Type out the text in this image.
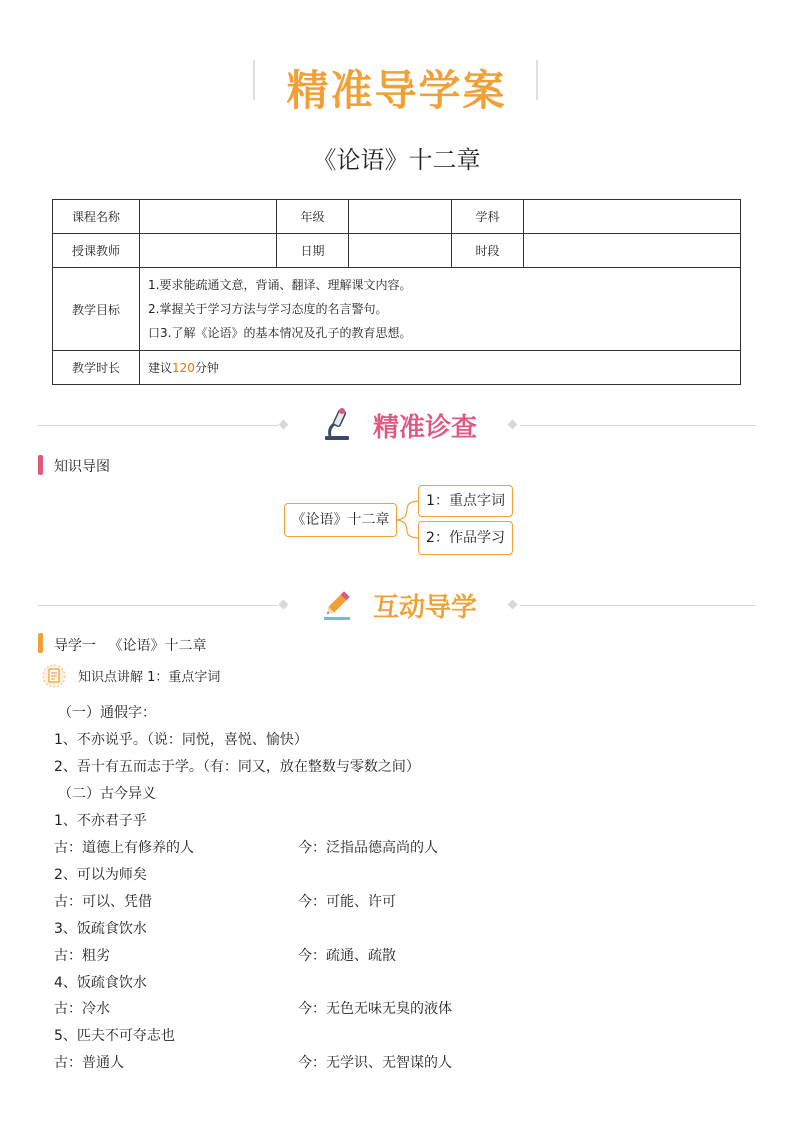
精准导学案
《论语》十二章
课程名称		年级		学科	
授课教师		日期		时段	
教学目标	1.要求能疏通文意，背诵、翻译、理解课文内容。
2.掌握关于学习方法与学习态度的名言警句。
口3.了解《论语》的基本情况及孔子的教育思想。				

教学时长	建议120分钟				
精准诊查
知识导图
《论语》十二章
1：重点字词
2：作品学习
互动导学
导学一 《论语》十二章
知识点讲解 1：重点字词
（一）通假字：
1、不亦说乎。（说：同悦，喜悦、愉快）
2、吾十有五而志于学。（有：同又，放在整数与零数之间）
（二）古今异义
1、不亦君子乎
古：道德上有修养的人	今：泛指品德高尚的人
2、可以为师矣
古：可以、凭借	今：可能、许可
3、饭疏食饮水
古：粗劣	今：疏通、疏散
4、饭疏食饮水
古：冷水	今：无色无味无臭的液体
5、匹夫不可夺志也
古：普通人	今：无学识、无智谋的人
